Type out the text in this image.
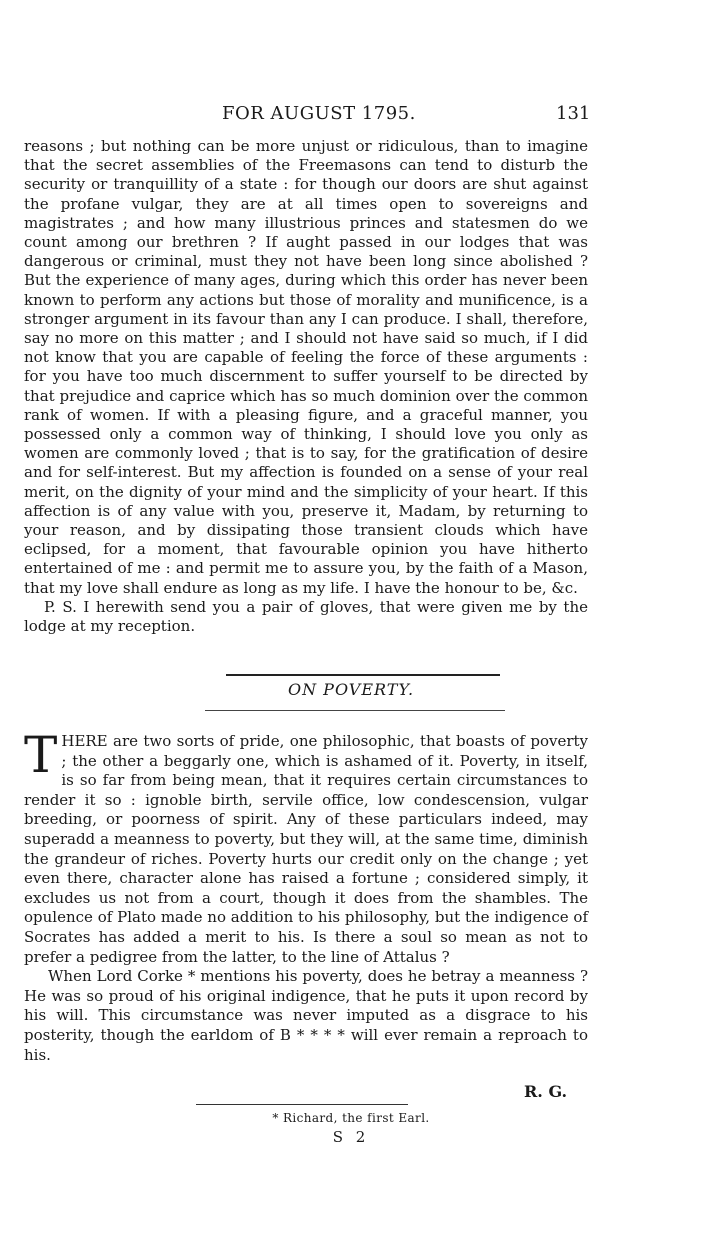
FOR AUGUST 1795.	131

reasons ; but nothing can be more unjust or ridiculous, than to imagine that the secret assemblies of the Freemasons can tend to disturb the security or tranquillity of a state : for though our doors are shut against the profane vulgar, they are at all times open to sovereigns and magistrates ; and how many illustrious princes and statesmen do we count among our brethren ? If aught passed in our lodges that was dangerous or criminal, must they not have been long since abolished ? But the experience of many ages, during which this order has never been known to perform any actions but those of morality and munificence, is a stronger argument in its favour than any I can produce. I shall, therefore, say no more on this matter ; and I should not have said so much, if I did not know that you are capable of feeling the force of these arguments : for you have too much discernment to suffer yourself to be directed by that prejudice and caprice which has so much dominion over the common rank of women. If with a pleasing figure, and a graceful manner, you possessed only a common way of thinking, I should love you only as women are commonly loved ; that is to say, for the gratification of desire and for self-interest. But my affection is founded on a sense of your real merit, on the dignity of your mind and the simplicity of your heart. If this affection is of any value with you, preserve it, Madam, by returning to your reason, and by dissipating those transient clouds which have eclipsed, for a moment, that favourable opinion you have hitherto entertained of me : and permit me to assure you, by the faith of a Mason, that my love shall endure as long as my life. I have the honour to be, &c.

P. S. I herewith send you a pair of gloves, that were given me by the lodge at my reception.

ON POVERTY.

THERE are two sorts of pride, one philosophic, that boasts of poverty ; the other a beggarly one, which is ashamed of it. Poverty, in itself, is so far from being mean, that it requires certain circumstances to render it so : ignoble birth, servile office, low condescension, vulgar breeding, or poorness of spirit. Any of these particulars indeed, may superadd a meanness to poverty, but they will, at the same time, diminish the grandeur of riches. Poverty hurts our credit only on the change ; yet even there, character alone has raised a fortune ; considered simply, it excludes us not from a court, though it does from the shambles. The opulence of Plato made no addition to his philosophy, but the indigence of Socrates has added a merit to his. Is there a soul so mean as not to prefer a pedigree from the latter, to the line of Attalus ?

When Lord Corke * mentions his poverty, does he betray a meanness ? He was so proud of his original indigence, that he puts it upon record by his will. This circumstance was never imputed as a disgrace to his posterity, though the earldom of B * * * * will ever remain a reproach to his.

R. G.
* Richard, the first Earl.
S 2
